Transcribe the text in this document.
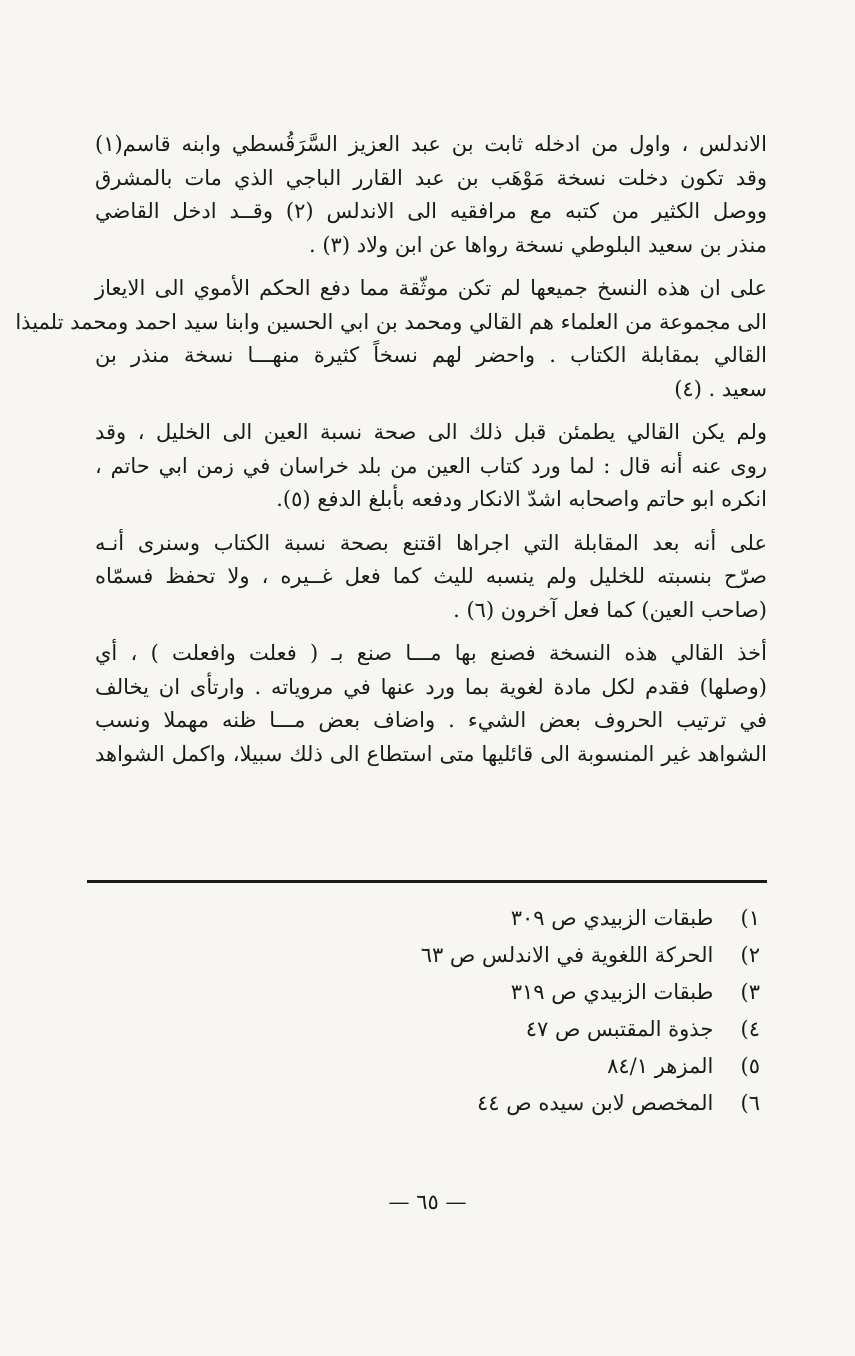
الاندلس ، واول من ادخله ثابت بن عبد العزيز السَّرَقُسطي وابنه قاسم(١)
وقد تكون دخلت نسخة مَوْهَب بن عبد القارر الباجي الذي مات بالمشرق
ووصل الكثير من كتبه مع مرافقيه الى الاندلس (٢) وقــد ادخل القاضي
منذر بن سعيد البلوطي نسخة رواها عن ابن ولاد (٣) .

على ان هذه النسخ جميعها لم تكن موثّقة مما دفع الحكم الأموي الى الايعاز
الى مجموعة من العلماء هم القالي ومحمد بن ابي الحسين وابنا سيد احمد ومحمد تلميذا
القالي بمقابلة الكتاب . واحضر لهم نسخاً كثيرة منهـــا نسخة منذر بن
سعيد . (٤)

ولم يكن القالي يطمئن قبل ذلك الى صحة نسبة العين الى الخليل ، وقد
روى عنه أنه قال : لما ورد كتاب العين من بلد خراسان في زمن ابي حاتم ،
انكره ابو حاتم واصحابه اشدّ الانكار ودفعه بأبلغ الدفع (٥).

على أنه بعد المقابلة التي اجراها اقتنع بصحة نسبة الكتاب وسنرى أنـه
صرّح بنسبته للخليل ولم ينسبه لليث كما فعل غــيره ، ولا تحفظ فسمّاه
(صاحب العين) كما فعل آخرون (٦) .

أخذ القالي هذه النسخة فصنع بها مـــا صنع بـ ( فعلت وافعلت ) ، أي
(وصلها) فقدم لكل مادة لغوية بما ورد عنها في مروياته . وارتأى ان يخالف
في ترتيب الحروف بعض الشيء . واضاف بعض مـــا ظنه مهملا ونسب
الشواهد غير المنسوبة الى قائليها متى استطاع الى ذلك سبيلا، واكمل الشواهد

١) طبقات الزبيدي ص ٣٠٩
٢) الحركة اللغوية في الاندلس ص ٦٣
٣) طبقات الزبيدي ص ٣١٩
٤) جذوة المقتبس ص ٤٧
٥) المزهر ٨٤/١
٦) المخصص لابن سيده ص ٤٤
— ٦٥ —
